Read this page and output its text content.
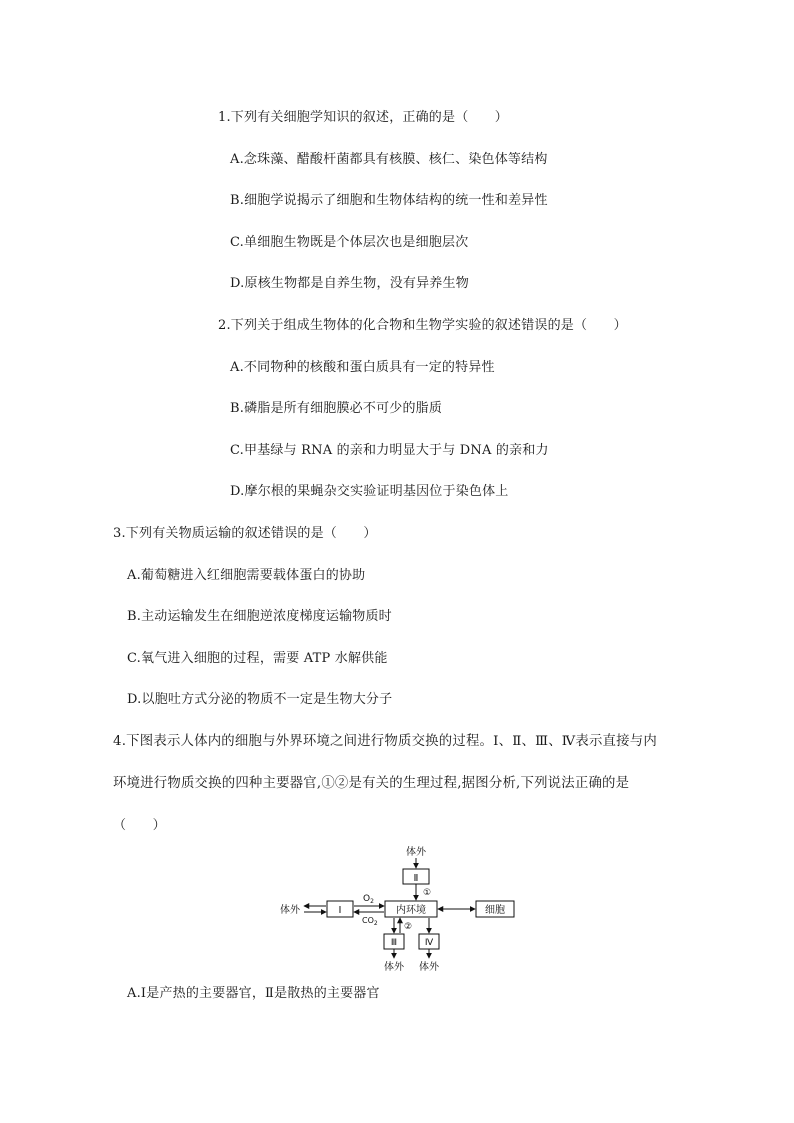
1.下列有关细胞学知识的叙述，正确的是（　　）
A.念珠藻、醋酸杆菌都具有核膜、核仁、染色体等结构
B.细胞学说揭示了细胞和生物体结构的统一性和差异性
C.单细胞生物既是个体层次也是细胞层次
D.原核生物都是自养生物，没有异养生物
2.下列关于组成生物体的化合物和生物学实验的叙述错误的是（　　）
A.不同物种的核酸和蛋白质具有一定的特异性
B.磷脂是所有细胞膜必不可少的脂质
C.甲基绿与 RNA 的亲和力明显大于与 DNA 的亲和力
D.摩尔根的果蝇杂交实验证明基因位于染色体上
3.下列有关物质运输的叙述错误的是（　　）
A.葡萄糖进入红细胞需要载体蛋白的协助
B.主动运输发生在细胞逆浓度梯度运输物质时
C.氧气进入细胞的过程，需要 ATP 水解供能
D.以胞吐方式分泌的物质不一定是生物大分子
4.下图表示人体内的细胞与外界环境之间进行物质交换的过程。Ⅰ、Ⅱ、Ⅲ、Ⅳ表示直接与内
环境进行物质交换的四种主要器官,①②是有关的生理过程,据图分析,下列说法正确的是
（　　）
体外
Ⅱ
①
体外	Ⅰ
$O_2$
$CO_2$
内环境	细胞
②
Ⅲ
体外
Ⅳ
体外
A.Ⅰ是产热的主要器官，Ⅱ是散热的主要器官
